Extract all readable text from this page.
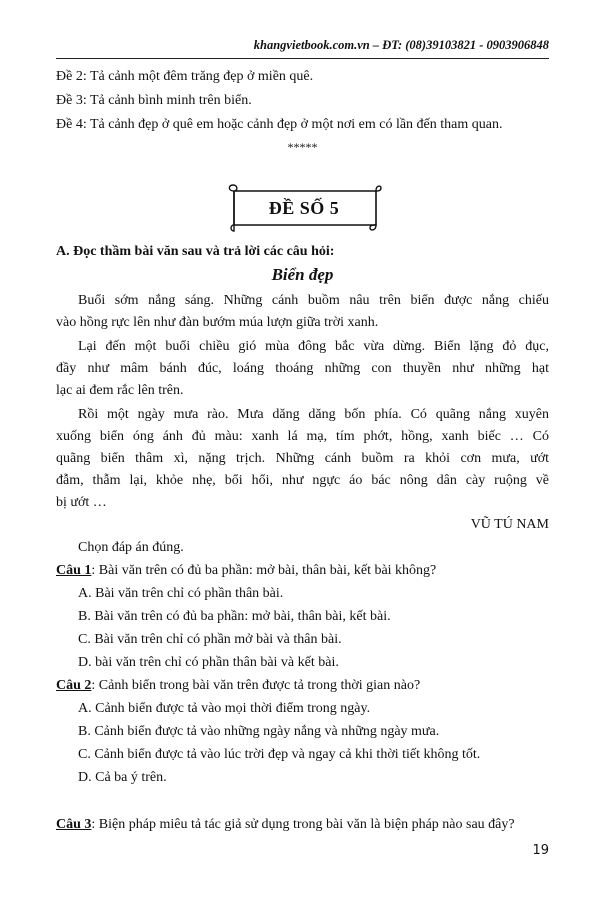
khangvietbook.com.vn – ĐT: (08)39103821 - 0903906848
Đề 2: Tả cảnh một đêm trăng đẹp ở miền quê.
Đề 3: Tả cảnh bình minh trên biển.
Đề 4: Tả cảnh đẹp ở quê em hoặc cảnh đẹp ở một nơi em có lần đến tham quan.
*****
ĐỀ SỐ 5
A. Đọc thầm bài văn sau và trả lời các câu hỏi:
Biển đẹp
Buổi sớm nắng sáng. Những cánh buồm nâu trên biển được nắng chiếu
vào hồng rực lên như đàn bướm múa lượn giữa trời xanh.
Lại đến một buổi chiều gió mùa đông bắc vừa dừng. Biển lặng đỏ đục,
đầy như mâm bánh đúc, loáng thoáng những con thuyền như những hạt
lạc ai đem rắc lên trên.
Rồi một ngày mưa rào. Mưa dăng dăng bốn phía. Có quãng nắng xuyên
xuống biển óng ánh đủ màu: xanh lá mạ, tím phớt, hồng, xanh biếc … Có
quãng biển thâm xì, nặng trịch. Những cánh buồm ra khỏi cơn mưa, ướt
đẫm, thẫm lại, khỏe nhẹ, bổi hổi, như ngực áo bác nông dân cày ruộng về
bị ướt …
VŨ TÚ NAM
Chọn đáp án đúng.
Câu 1: Bài văn trên có đủ ba phần: mở bài, thân bài, kết bài không?
A. Bài văn trên chỉ có phần thân bài.
B. Bài văn trên có đủ ba phần: mở bài, thân bài, kết bài.
C. Bài văn trên chỉ có phần mở bài và thân bài.
D. bài văn trên chỉ có phần thân bài và kết bài.
Câu 2: Cảnh biển trong bài văn trên được tả trong thời gian nào?
A. Cảnh biển được tả vào mọi thời điểm trong ngày.
B. Cảnh biển được tả vào những ngày nắng và những ngày mưa.
C. Cảnh biển được tả vào lúc trời đẹp và ngay cả khi thời tiết không tốt.
D. Cả ba ý trên.
Câu 3: Biện pháp miêu tả tác giả sử dụng trong bài văn là biện pháp nào sau đây?
19
